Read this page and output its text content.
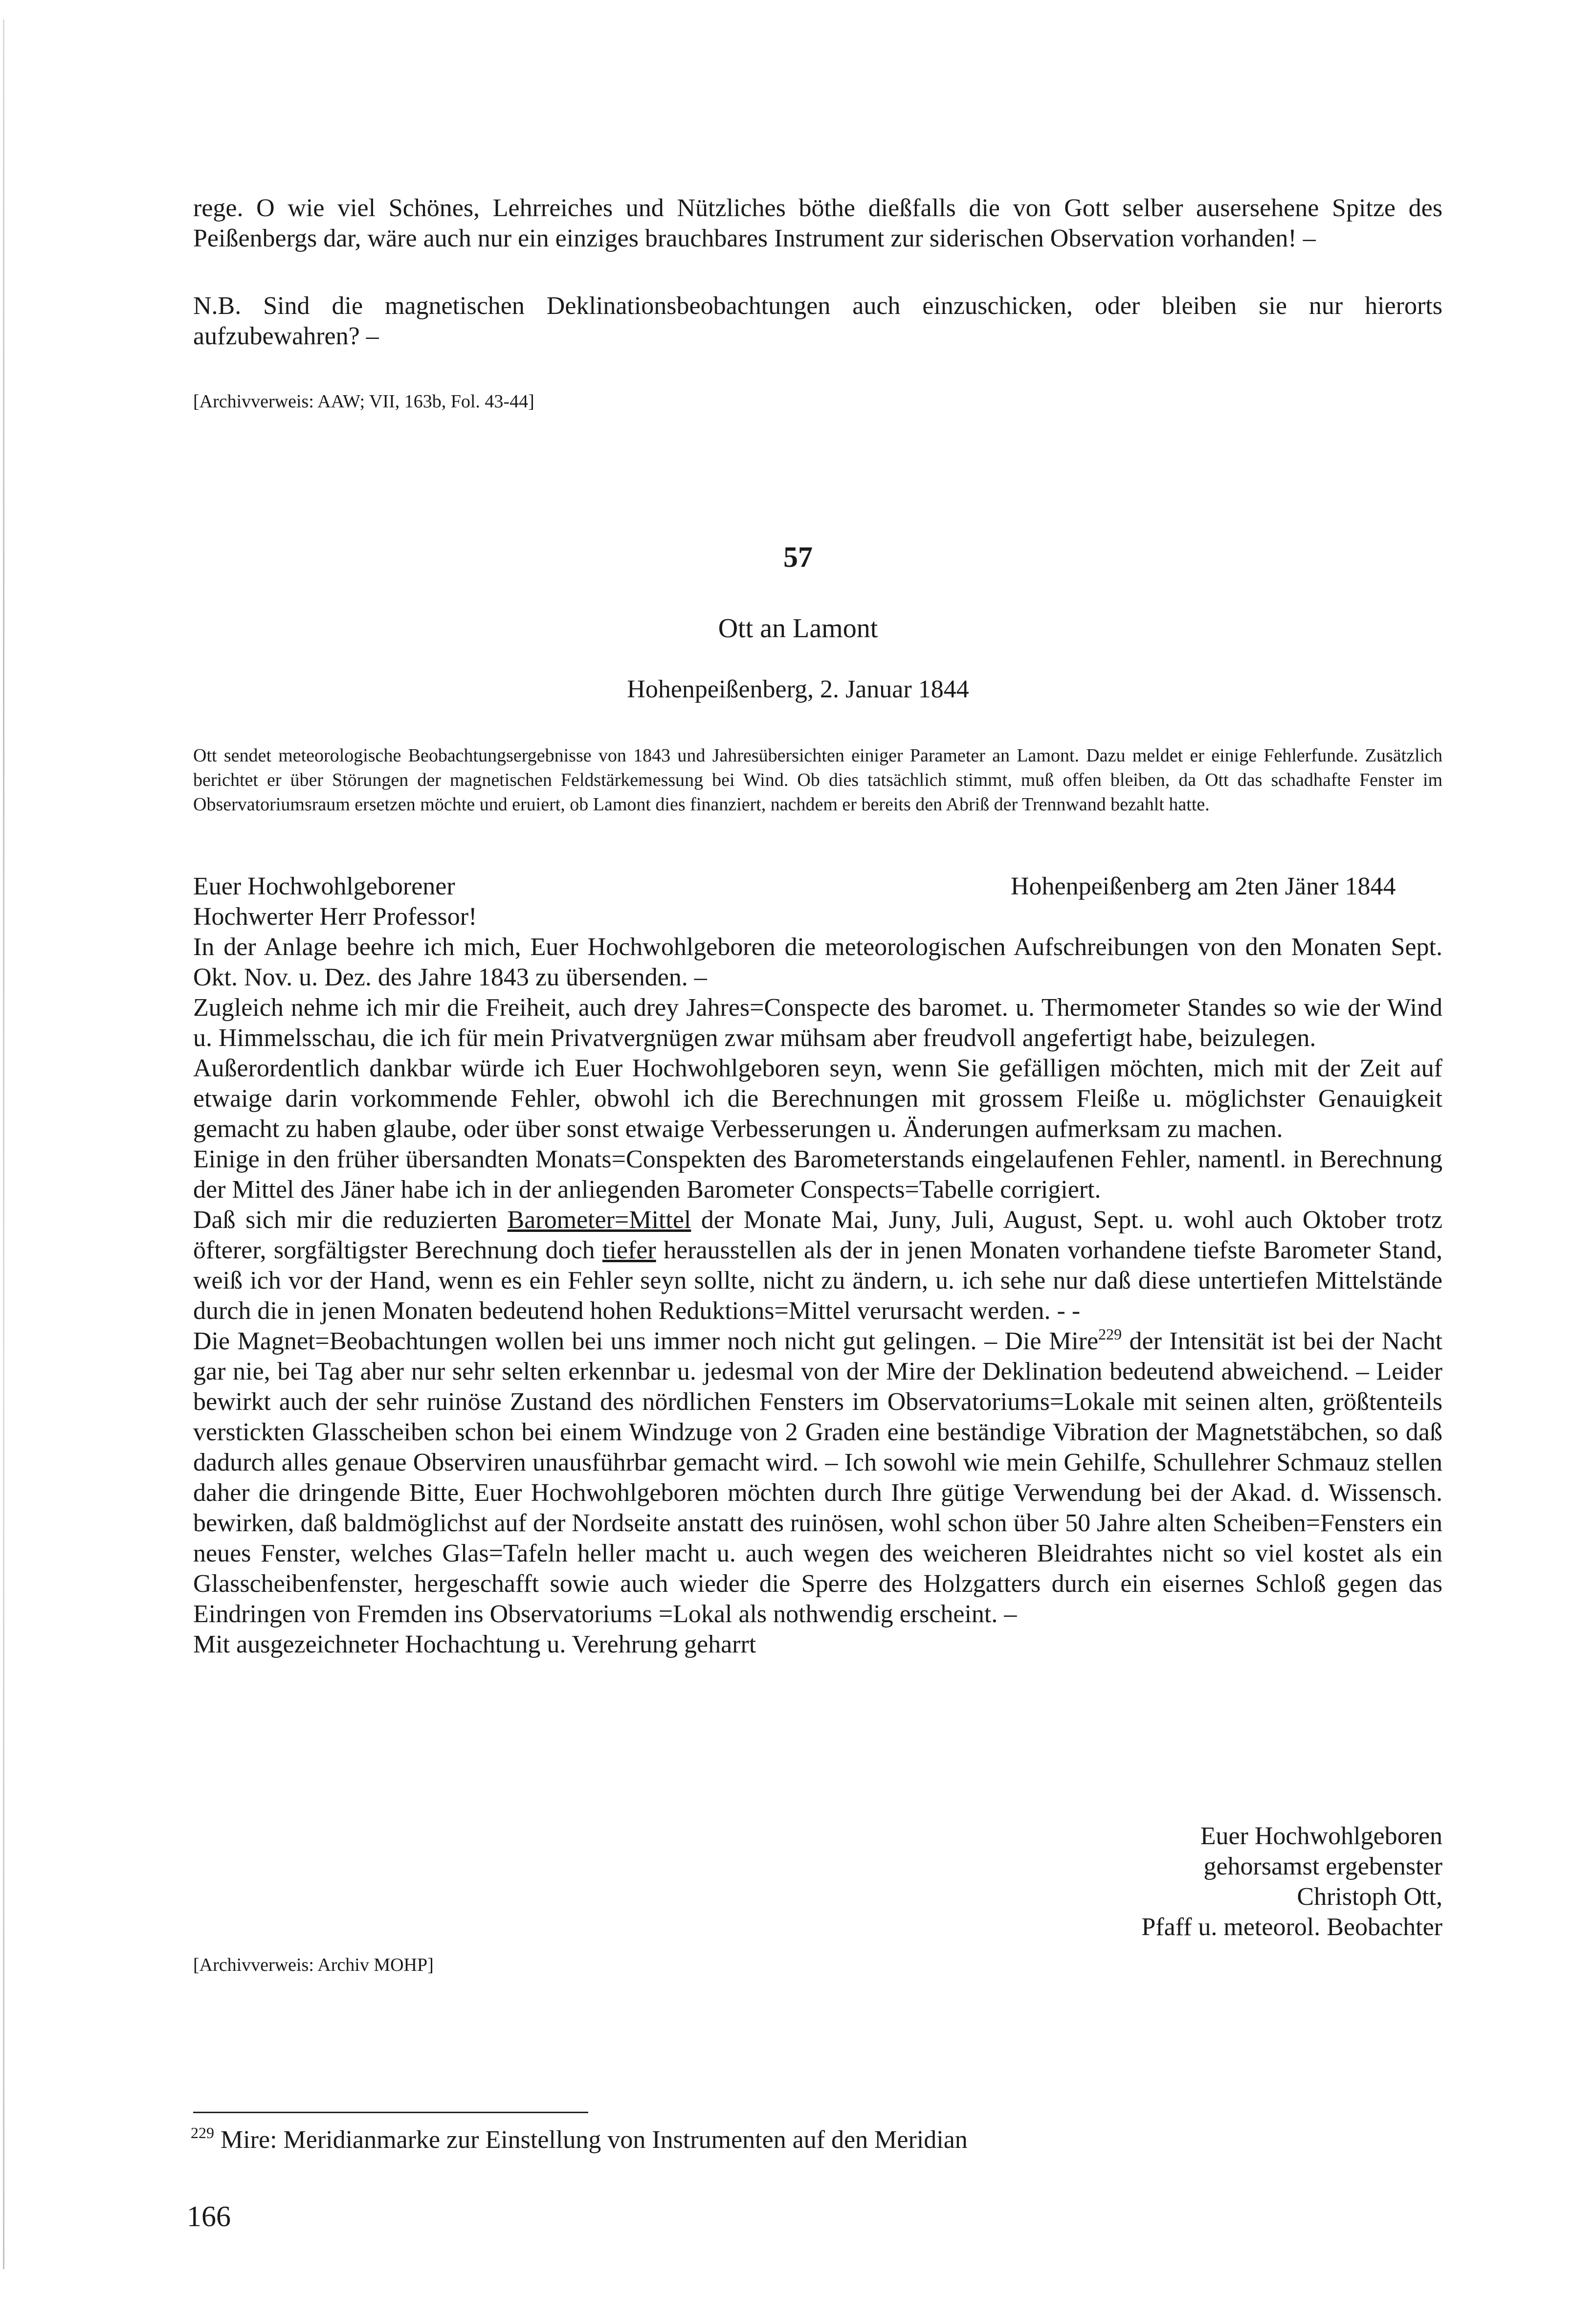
rege. O wie viel Schönes, Lehrreiches und Nützliches böthe dießfalls die von Gott selber ausersehene Spitze des Peißenbergs dar, wäre auch nur ein einziges brauchbares Instrument zur siderischen Observation vorhanden! –

N.B. Sind die magnetischen Deklinationsbeobachtungen auch einzuschicken, oder bleiben sie nur hierorts aufzubewahren? –

[Archivverweis: AAW; VII, 163b, Fol. 43-44]

57

Ott an Lamont

Hohenpeißenberg, 2. Januar 1844

Ott sendet meteorologische Beobachtungsergebnisse von 1843 und Jahresübersichten einiger Parameter an Lamont. Dazu meldet er einige Fehlerfunde. Zusätzlich berichtet er über Störungen der magnetischen Feldstärkemessung bei Wind. Ob dies tatsächlich stimmt, muß offen bleiben, da Ott das schadhafte Fenster im Observatoriumsraum ersetzen möchte und eruiert, ob Lamont dies finanziert, nachdem er bereits den Abriß der Trennwand bezahlt hatte.

Euer Hochwohlgeborener	Hohenpeißenberg am 2ten Jäner 1844

Hochwerter Herr Professor!

In der Anlage beehre ich mich, Euer Hochwohlgeboren die meteorologischen Aufschreibungen von den Monaten Sept. Okt. Nov. u. Dez. des Jahre 1843 zu übersenden. –

Zugleich nehme ich mir die Freiheit, auch drey Jahres=Conspecte des baromet. u. Thermometer Standes so wie der Wind u. Himmelsschau, die ich für mein Privatvergnügen zwar mühsam aber freudvoll angefertigt habe, beizulegen.

Außerordentlich dankbar würde ich Euer Hochwohlgeboren seyn, wenn Sie gefälligen möchten, mich mit der Zeit auf etwaige darin vorkommende Fehler, obwohl ich die Berechnungen mit grossem Fleiße u. möglichster Genauigkeit gemacht zu haben glaube, oder über sonst etwaige Verbesserungen u. Änderungen aufmerksam zu machen.

Einige in den früher übersandten Monats=Conspekten des Barometerstands eingelaufenen Fehler, namentl. in Berechnung der Mittel des Jäner habe ich in der anliegenden Barometer Conspects=Tabelle corrigiert.

Daß sich mir die reduzierten Barometer=Mittel der Monate Mai, Juny, Juli, August, Sept. u. wohl auch Oktober trotz öfterer, sorgfältigster Berechnung doch tiefer herausstellen als der in jenen Monaten vorhandene tiefste Barometer Stand, weiß ich vor der Hand, wenn es ein Fehler seyn sollte, nicht zu ändern, u. ich sehe nur daß diese untertiefen Mittelstände durch die in jenen Monaten bedeutend hohen Reduktions=Mittel verursacht werden. - -

Die Magnet=Beobachtungen wollen bei uns immer noch nicht gut gelingen. – Die Mire$^{229}$ der Intensität ist bei der Nacht gar nie, bei Tag aber nur sehr selten erkennbar u. jedesmal von der Mire der Deklination bedeutend abweichend. – Leider bewirkt auch der sehr ruinöse Zustand des nördlichen Fensters im Observatoriums=Lokale mit seinen alten, größtenteils verstickten Glasscheiben schon bei einem Windzuge von 2 Graden eine beständige Vibration der Magnetstäbchen, so daß dadurch alles genaue Observiren unausführbar gemacht wird. – Ich sowohl wie mein Gehilfe, Schullehrer Schmauz stellen daher die dringende Bitte, Euer Hochwohlgeboren möchten durch Ihre gütige Verwendung bei der Akad. d. Wissensch. bewirken, daß baldmöglichst auf der Nordseite anstatt des ruinösen, wohl schon über 50 Jahre alten Scheiben=Fensters ein neues Fenster, welches Glas=Tafeln heller macht u. auch wegen des weicheren Bleidrahtes nicht so viel kostet als ein Glasscheibenfenster, hergeschafft sowie auch wieder die Sperre des Holzgatters durch ein eisernes Schloß gegen das Eindringen von Fremden ins Observatoriums =Lokal als nothwendig erscheint. –

Mit ausgezeichneter Hochachtung u. Verehrung geharrt

Euer Hochwohlgeboren
gehorsamst ergebenster
Christoph Ott,
Pfaff u. meteorol. Beobachter

[Archivverweis: Archiv MOHP]

$^{229}$ Mire: Meridianmarke zur Einstellung von Instrumenten auf den Meridian
166
